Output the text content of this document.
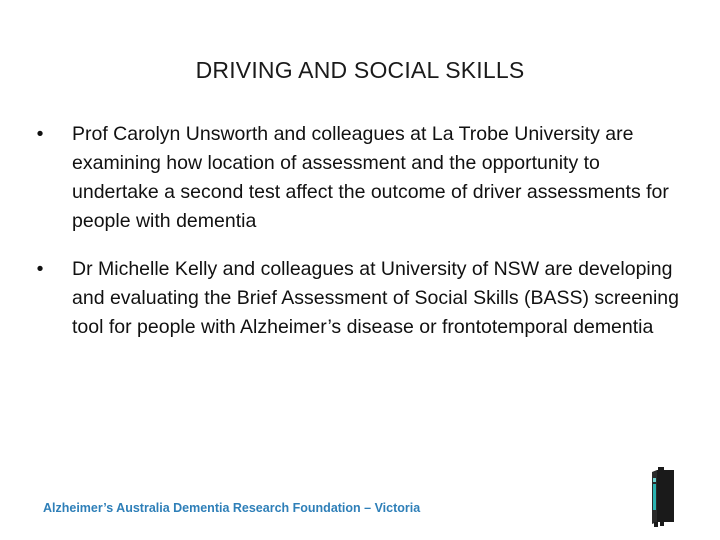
DRIVING AND SOCIAL SKILLS
•	Prof Carolyn Unsworth and colleagues at La Trobe University are examining how location of assessment and the opportunity to undertake a second test affect the outcome of driver assessments for people with dementia
•	Dr Michelle Kelly and colleagues at University of NSW are developing and evaluating the Brief Assessment of Social Skills (BASS) screening tool for people with Alzheimer’s disease or frontotemporal dementia
Alzheimer’s Australia Dementia Research Foundation – Victoria
